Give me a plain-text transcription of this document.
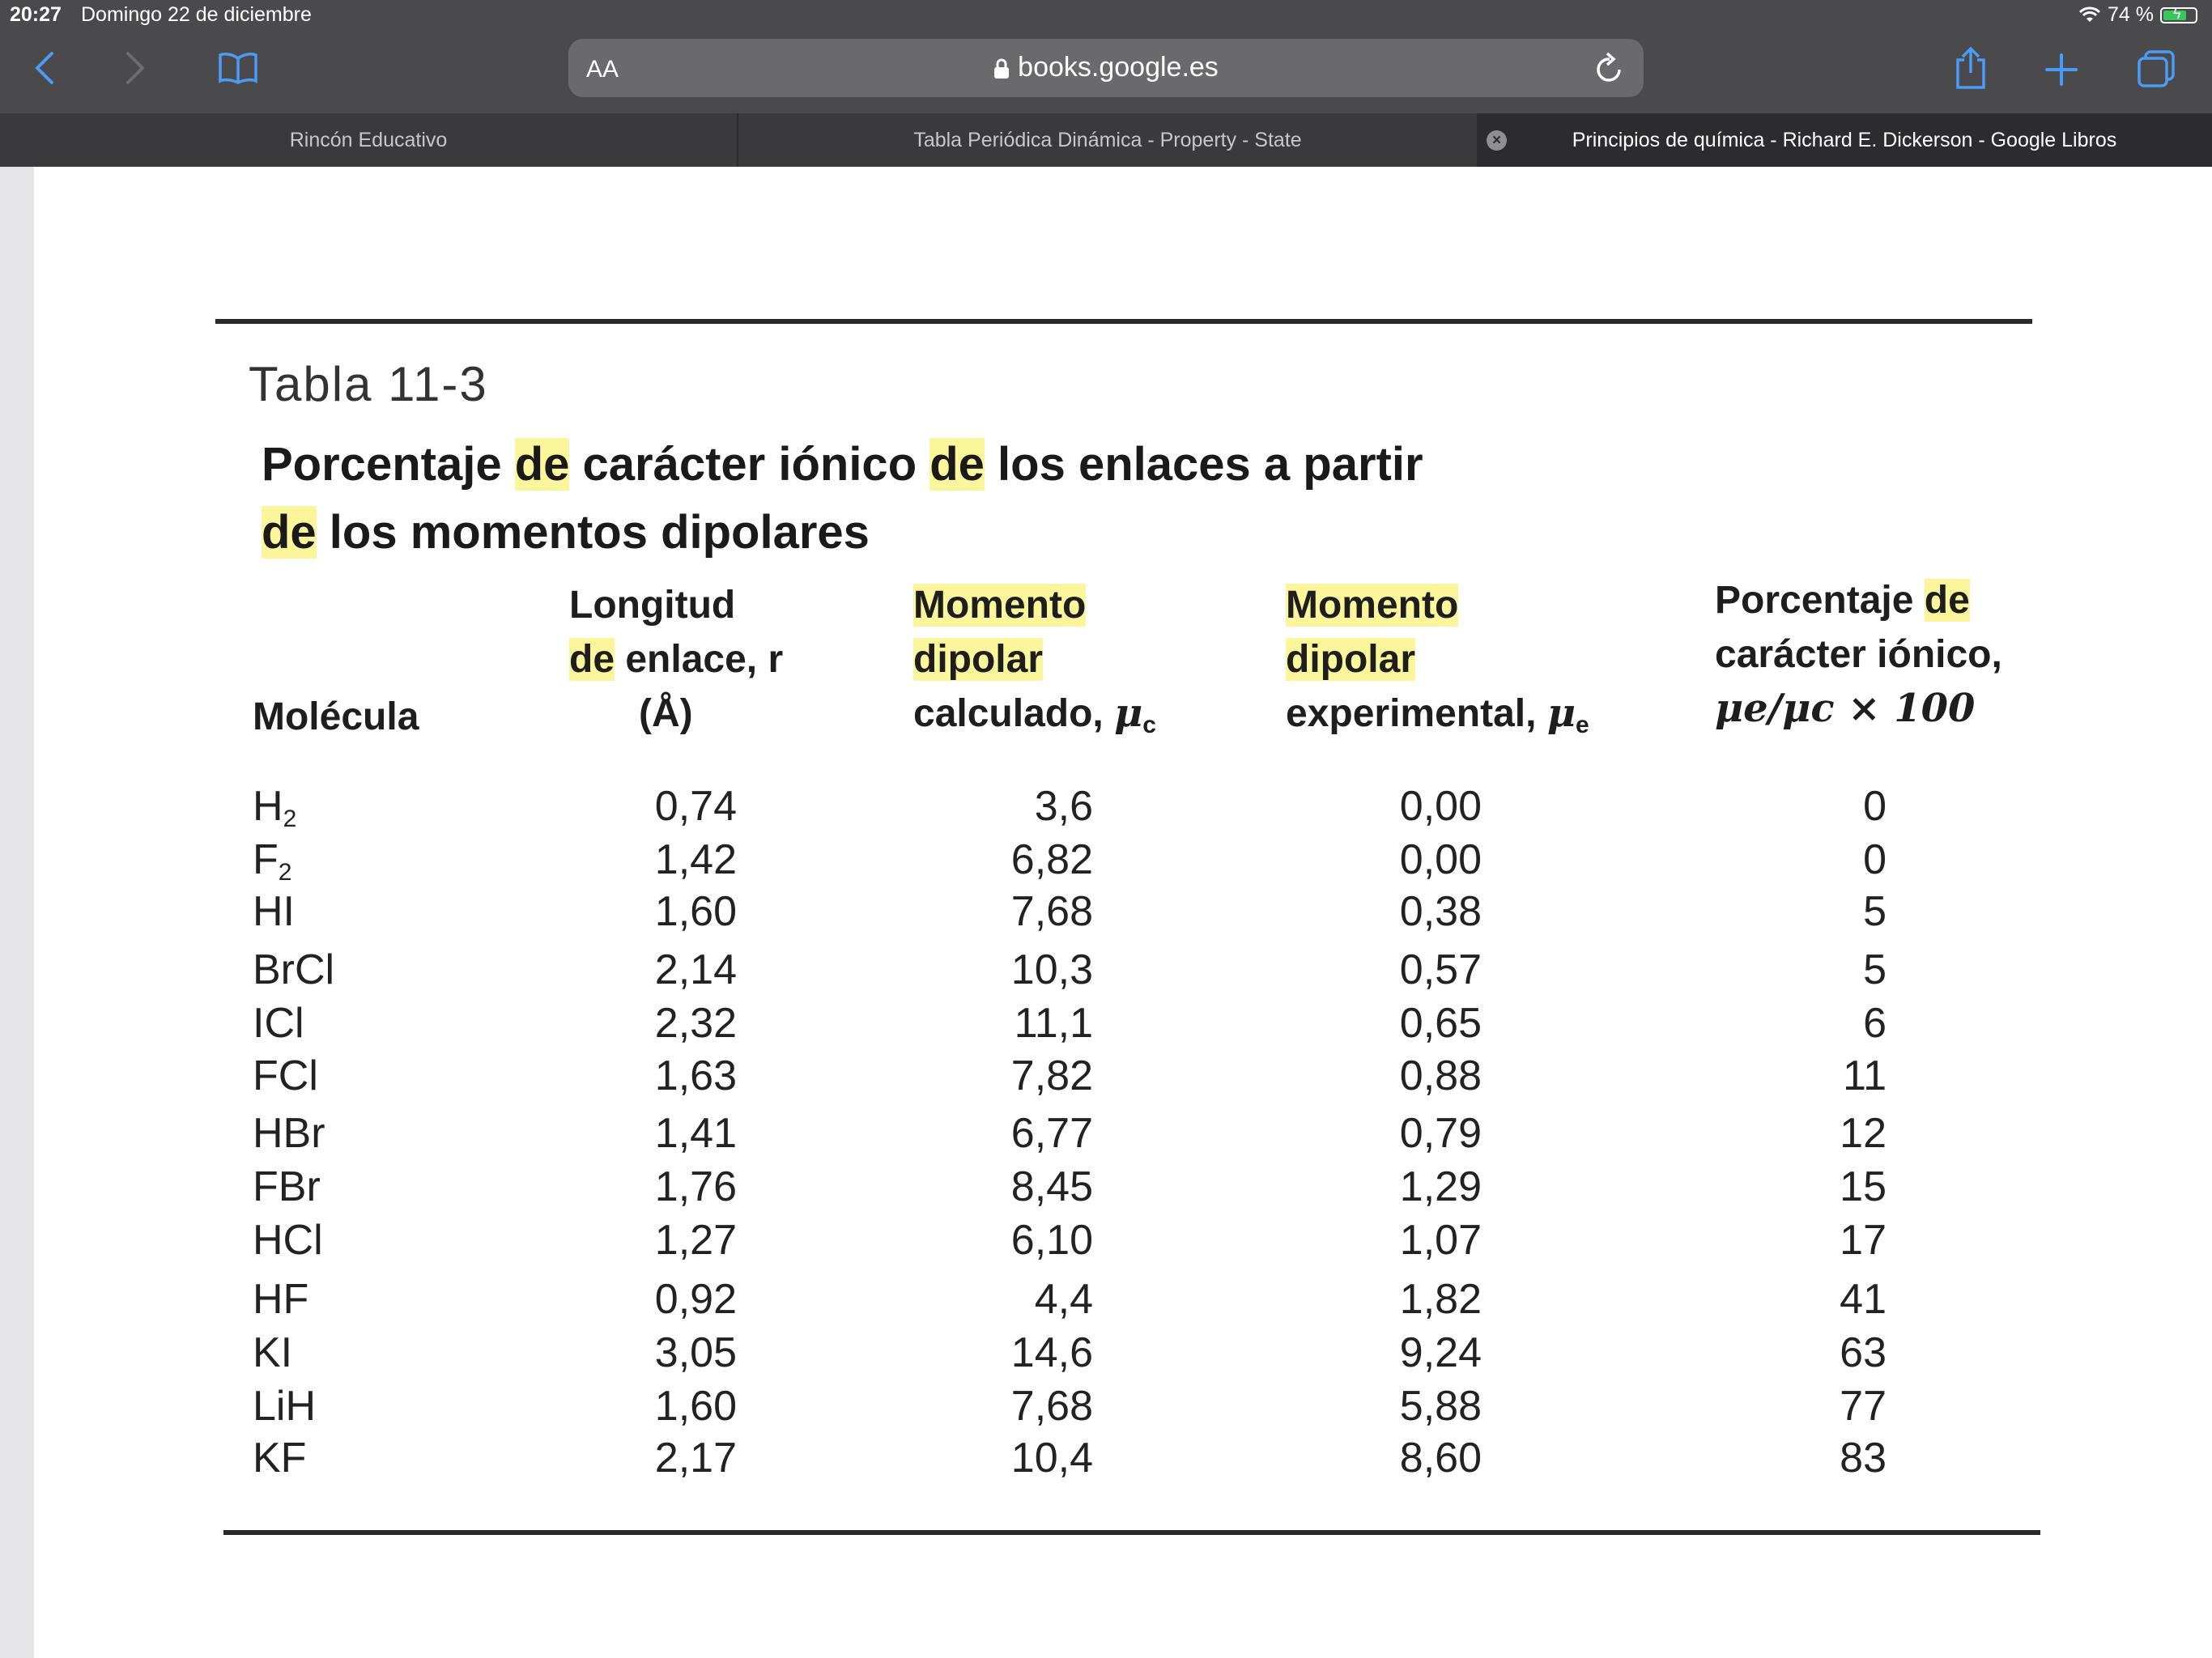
20:27 Domingo 22 de diciembre	74 % ϟ
AA	books.google.es
Rincón Educativo	Tabla Periódica Dinámica - Property - State	Principios de química - Richard E. Dickerson - Google Libros
×
Tabla 11-3
Porcentaje de carácter iónico de los enlaces a partir
de los momentos dipolares
Molécula
Longitud
de enlace, r
(Å)
Momento
dipolar
calculado, $\mu_c$
Momento
dipolar
experimental, $\mu_e$
Porcentaje de
carácter iónico,
μe/μc × 100
$H_2$	0,74	3,6	0,00	0
$F_2$	1,42	6,82	0,00	0
HI	1,60	7,68	0,38	5
BrCl	2,14	10,3	0,57	5
ICl	2,32	11,1	0,65	6
FCl	1,63	7,82	0,88	11
HBr	1,41	6,77	0,79	12
FBr	1,76	8,45	1,29	15
HCl	1,27	6,10	1,07	17
HF	0,92	4,4	1,82	41
KI	3,05	14,6	9,24	63
LiH	1,60	7,68	5,88	77
KF	2,17	10,4	8,60	83
